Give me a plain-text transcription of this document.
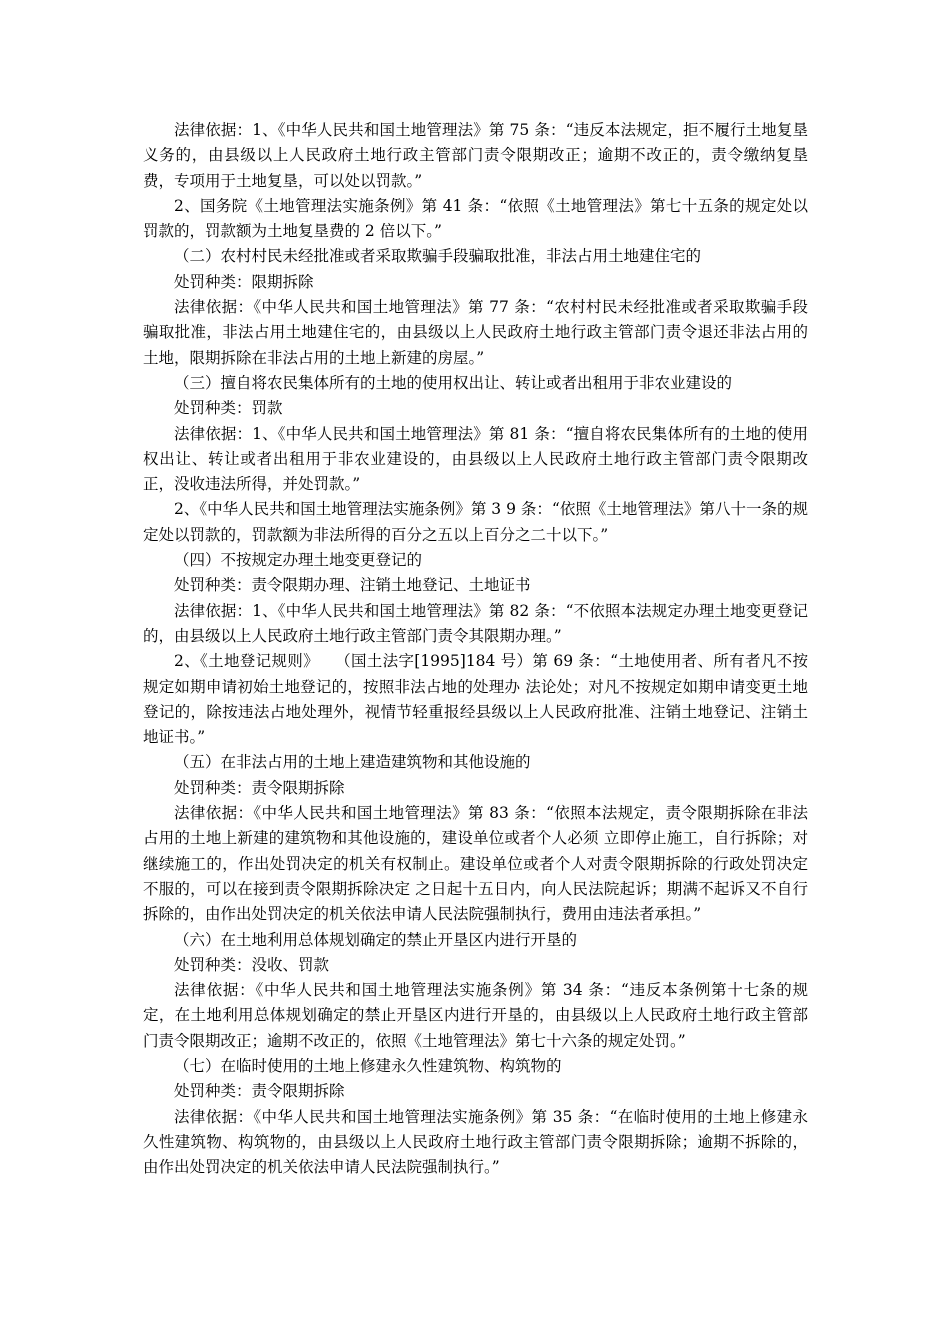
法律依据：1、《中华人民共和国土地管理法》第 75 条：“违反本法规定，拒不履行土地复垦义务的，由县级以上人民政府土地行政主管部门责令限期改正；逾期不改正的，责令缴纳复垦费，专项用于土地复垦，可以处以罚款。”

2、国务院《土地管理法实施条例》第 41 条：“依照《土地管理法》第七十五条的规定处以罚款的，罚款额为土地复垦费的 2 倍以下。”

（二）农村村民未经批准或者采取欺骗手段骗取批准，非法占用土地建住宅的

处罚种类：限期拆除

法律依据：《中华人民共和国土地管理法》第 77 条：“农村村民未经批准或者采取欺骗手段骗取批准，非法占用土地建住宅的，由县级以上人民政府土地行政主管部门责令退还非法占用的土地，限期拆除在非法占用的土地上新建的房屋。”

（三）擅自将农民集体所有的土地的使用权出让、转让或者出租用于非农业建设的

处罚种类：罚款

法律依据：1、《中华人民共和国土地管理法》第 81 条：“擅自将农民集体所有的土地的使用权出让、转让或者出租用于非农业建设的，由县级以上人民政府土地行政主管部门责令限期改正，没收违法所得，并处罚款。”

2、《中华人民共和国土地管理法实施条例》第 3 9 条：“依照《土地管理法》第八十一条的规定处以罚款的，罚款额为非法所得的百分之五以上百分之二十以下。”

（四）不按规定办理土地变更登记的

处罚种类：责令限期办理、注销土地登记、土地证书

法律依据：1、《中华人民共和国土地管理法》第 82 条：“不依照本法规定办理土地变更登记的，由县级以上人民政府土地行政主管部门责令其限期办理。”

2、《土地登记规则》　　（国土法字[1995]184 号）第 69 条：“土地使用者、所有者凡不按规定如期申请初始土地登记的，按照非法占地的处理办 法论处；对凡不按规定如期申请变更土地登记的，除按违法占地处理外，视情节轻重报经县级以上人民政府批准、注销土地登记、注销土地证书。”

（五）在非法占用的土地上建造建筑物和其他设施的

处罚种类：责令限期拆除

法律依据：《中华人民共和国土地管理法》第 83 条：“依照本法规定，责令限期拆除在非法占用的土地上新建的建筑物和其他设施的，建设单位或者个人必须 立即停止施工，自行拆除；对继续施工的，作出处罚决定的机关有权制止。建设单位或者个人对责令限期拆除的行政处罚决定不服的，可以在接到责令限期拆除决定 之日起十五日内，向人民法院起诉；期满不起诉又不自行拆除的，由作出处罚决定的机关依法申请人民法院强制执行，费用由违法者承担。”

（六）在土地利用总体规划确定的禁止开垦区内进行开垦的

处罚种类：没收、罚款

法律依据：《中华人民共和国土地管理法实施条例》第 34 条：“违反本条例第十七条的规定，在土地利用总体规划确定的禁止开垦区内进行开垦的，由县级以上人民政府土地行政主管部门责令限期改正；逾期不改正的，依照《土地管理法》第七十六条的规定处罚。”

（七）在临时使用的土地上修建永久性建筑物、构筑物的

处罚种类：责令限期拆除

法律依据：《中华人民共和国土地管理法实施条例》第 35 条：“在临时使用的土地上修建永久性建筑物、构筑物的，由县级以上人民政府土地行政主管部门责令限期拆除；逾期不拆除的，由作出处罚决定的机关依法申请人民法院强制执行。”
